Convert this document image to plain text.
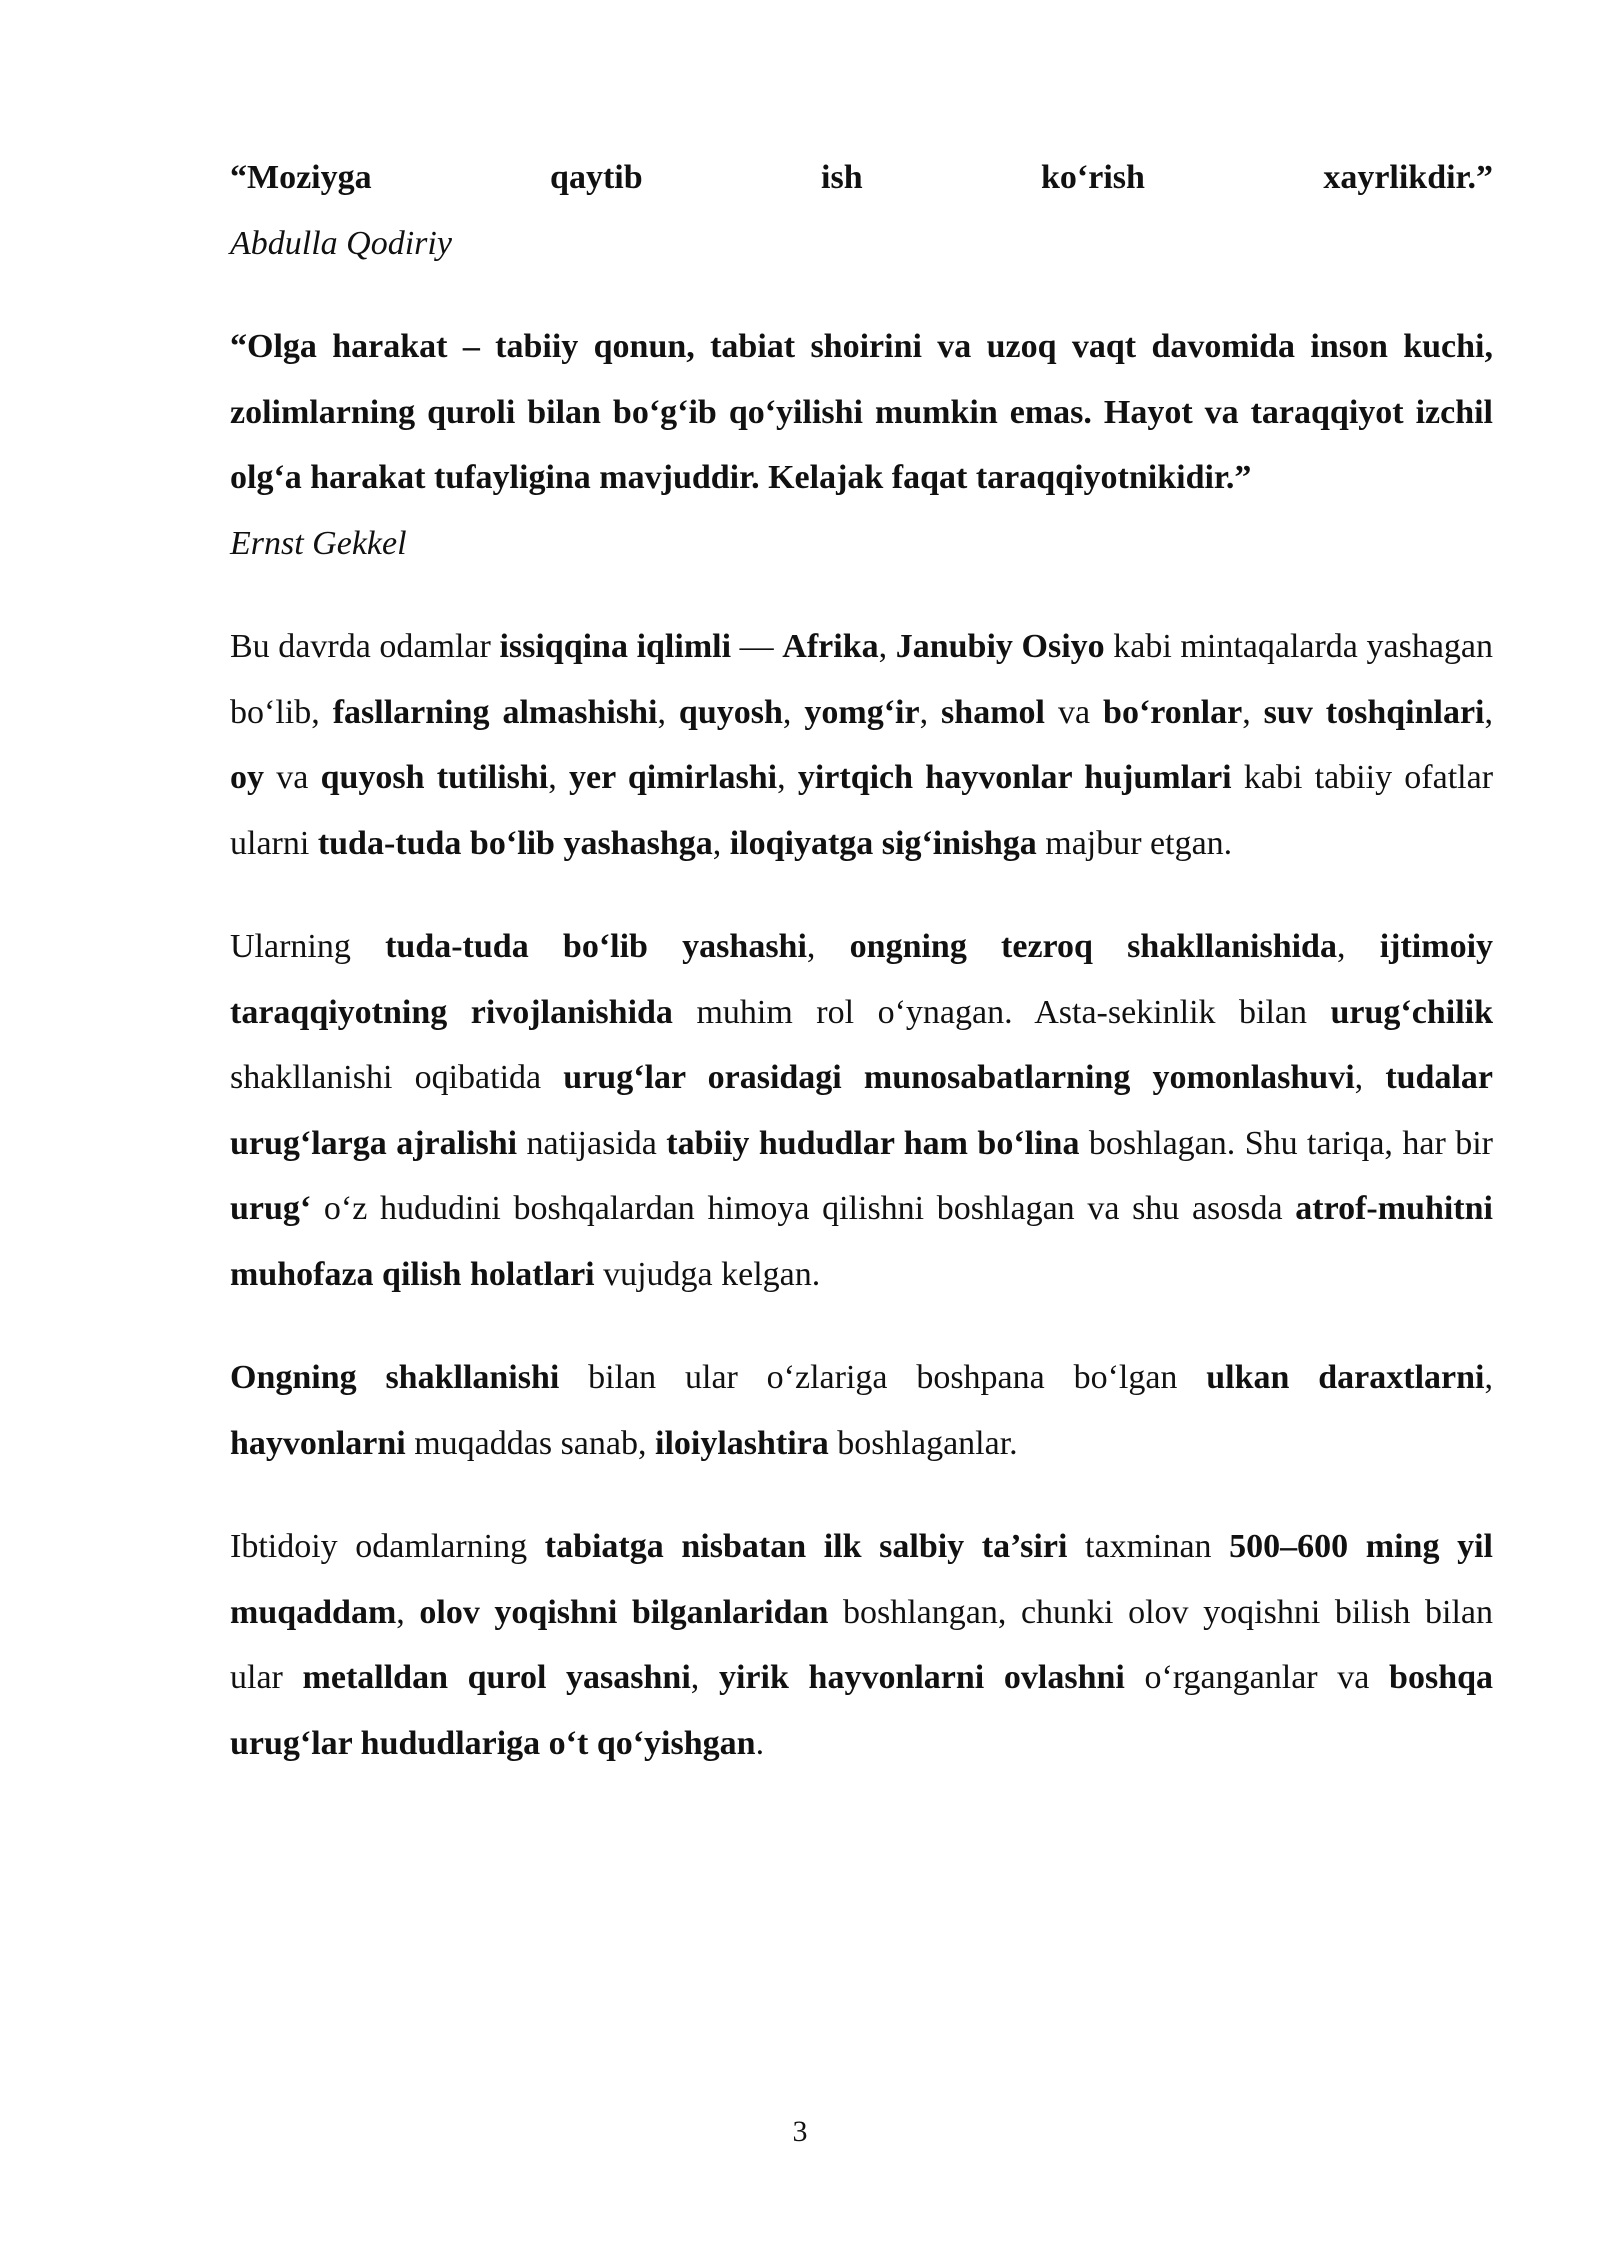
“Moziyga	qaytib	ish	ko‘rish	xayrlikdir.”

Abdulla Qodiriy

“Olga harakat – tabiiy qonun, tabiat shoirini va uzoq vaqt davomida inson kuchi, zolimlarning quroli bilan bo‘g‘ib qo‘yilishi mumkin emas. Hayot va taraqqiyot izchil olg‘a harakat tufayligina mavjuddir. Kelajak faqat taraqqiyotnikidir.”

Ernst Gekkel

Bu davrda odamlar issiqqina iqlimli — Afrika, Janubiy Osiyo kabi mintaqalarda yashagan bo‘lib, fasllarning almashishi, quyosh, yomg‘ir, shamol va bo‘ronlar, suv toshqinlari, oy va quyosh tutilishi, yer qimirlashi, yirtqich hayvonlar hujumlari kabi tabiiy ofatlar ularni tuda-tuda bo‘lib yashashga, iloqiyatga sig‘inishga majbur etgan.

Ularning tuda-tuda bo‘lib yashashi, ongning tezroq shakllanishida, ijtimoiy taraqqiyotning rivojlanishida muhim rol o‘ynagan. Asta-sekinlik bilan urug‘chilik shakllanishi oqibatida urug‘lar orasidagi munosabatlarning yomonlashuvi, tudalar urug‘larga ajralishi natijasida tabiiy hududlar ham bo‘lina boshlagan. Shu tariqa, har bir urug‘ o‘z hududini boshqalardan himoya qilishni boshlagan va shu asosda atrof-muhitni muhofaza qilish holatlari vujudga kelgan.

Ongning shakllanishi bilan ular o‘zlariga boshpana bo‘lgan ulkan daraxtlarni, hayvonlarni muqaddas sanab, iloiylashtira boshlaganlar.

Ibtidoiy odamlarning tabiatga nisbatan ilk salbiy ta’siri taxminan 500–600 ming yil muqaddam, olov yoqishni bilganlaridan boshlangan, chunki olov yoqishni bilish bilan ular metalldan qurol yasashni, yirik hayvonlarni ovlashni o‘rganganlar va boshqa urug‘lar hududlariga o‘t qo‘yishgan.

3
